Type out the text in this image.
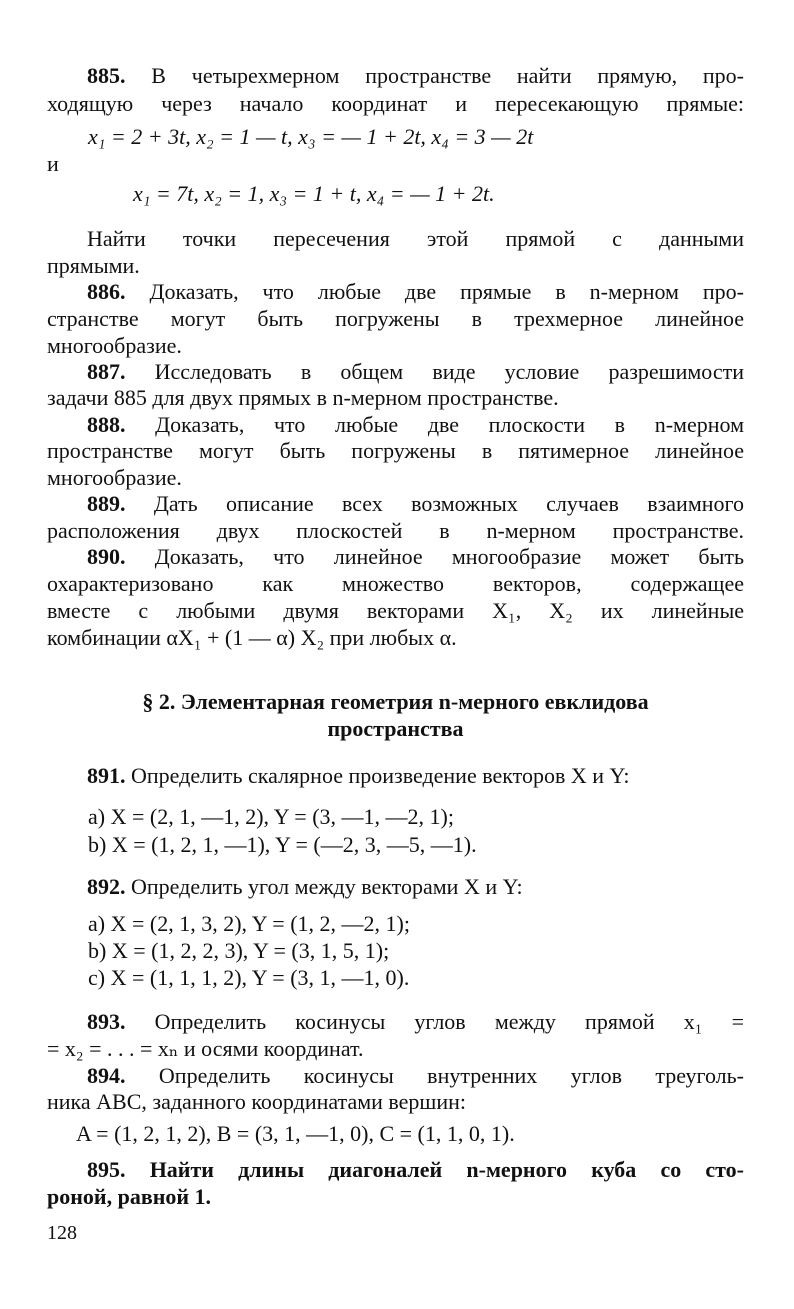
885. В четырехмерном пространстве найти прямую, про-
ходящую через начало координат и пересекающую прямые:
x₁ = 2 + 3t, x₂ = 1 — t, x₃ = — 1 + 2t, x₄ = 3 — 2t
и
x₁ = 7t, x₂ = 1, x₃ = 1 + t, x₄ = — 1 + 2t.
Найти точки пересечения этой прямой с данными
прямыми.
886. Доказать, что любые две прямые в n-мерном про-
странстве могут быть погружены в трехмерное линейное
многообразие.
887. Исследовать в общем виде условие разрешимости
задачи 885 для двух прямых в n-мерном пространстве.
888. Доказать, что любые две плоскости в n-мерном
пространстве могут быть погружены в пятимерное линейное
многообразие.
889. Дать описание всех возможных случаев взаимного
расположения двух плоскостей в n-мерном пространстве.
890. Доказать, что линейное многообразие может быть
охарактеризовано как множество векторов, содержащее
вместе с любыми двумя векторами X₁, X₂ их линейные
комбинации αX₁ + (1 — α) X₂ при любых α.
§ 2. Элементарная геометрия n-мерного евклидова
пространства
891. Определить скалярное произведение векторов X и Y:
a) X = (2, 1, —1, 2), Y = (3, —1, —2, 1);
b) X = (1, 2, 1, —1), Y = (—2, 3, —5, —1).
892. Определить угол между векторами X и Y:
a) X = (2, 1, 3, 2), Y = (1, 2, —2, 1);
b) X = (1, 2, 2, 3), Y = (3, 1, 5, 1);
c) X = (1, 1, 1, 2), Y = (3, 1, —1, 0).
893. Определить косинусы углов между прямой x₁ =
= x₂ = . . . = xₙ и осями координат.
894. Определить косинусы внутренних углов треуголь-
ника ABC, заданного координатами вершин:
A = (1, 2, 1, 2), B = (3, 1, —1, 0), C = (1, 1, 0, 1).
895. Найти длины диагоналей n-мерного куба со сто-
роной, равной 1.
128
